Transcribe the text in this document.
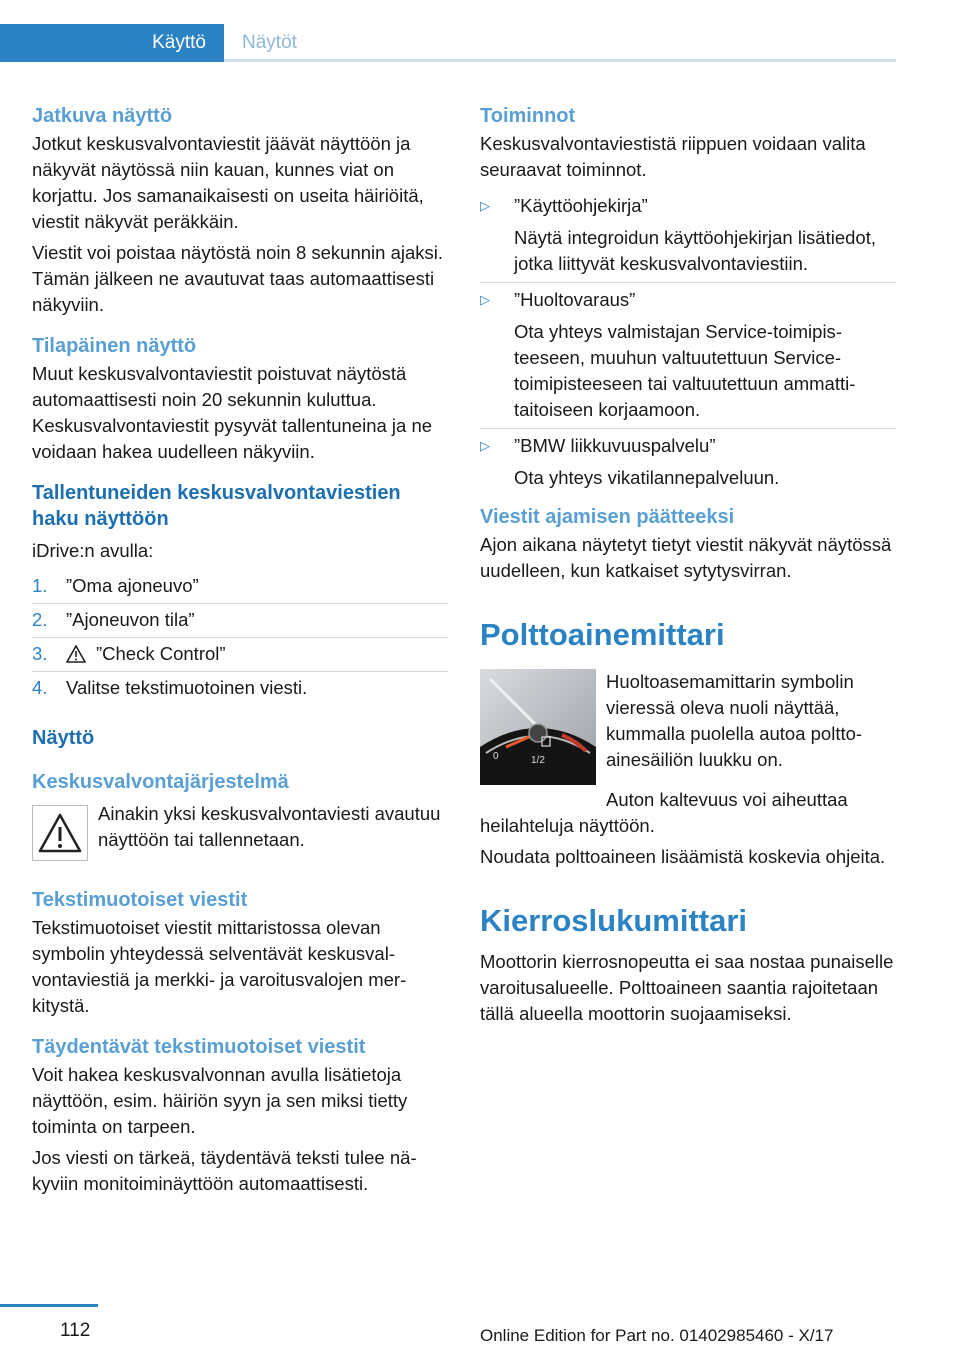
Käyttö	Näytöt
Jatkuva näyttö

Jotkut keskusvalvontaviestit jäävät näyttöön ja näkyvät näytössä niin kauan, kunnes viat on korjattu. Jos samanaikaisesti on useita häiriöitä, viestit näkyvät peräkkäin.

Viestit voi poistaa näytöstä noin 8 sekunnin ajaksi. Tämän jälkeen ne avautuvat taas automaattisesti näkyviin.

Tilapäinen näyttö

Muut keskusvalvontaviestit poistuvat näytöstä automaattisesti noin 20 sekunnin kuluttua. Keskusvalvontaviestit pysyvät tallentuneina ja ne voidaan hakea uudelleen näkyviin.

Tallentuneiden keskusvalvontaviestien haku näyttöön

iDrive:n avulla:

1.	”Oma ajoneuvo”
2.	”Ajoneuvon tila”
3.	”Check Control”
4.	Valitse tekstimuotoinen viesti.
Näyttö
Keskusvalvontajärjestelmä
Ainakin yksi keskusvalvontaviesti avautuu näyttöön tai tallennetaan.
Tekstimuotoiset viestit

Tekstimuotoiset viestit mittaristossa olevan symbolin yhteydessä selventävät keskusvalvontaviestiä ja merkki- ja varoitusvalojen merkitystä.

Täydentävät tekstimuotoiset viestit

Voit hakea keskusvalvonnan avulla lisätietoja näyttöön, esim. häiriön syyn ja sen miksi tietty toiminta on tarpeen.

Jos viesti on tärkeä, täydentävä teksti tulee näkyviin monitoiminäyttöön automaattisesti.

Toiminnot

Keskusvalvontaviestistä riippuen voidaan valita seuraavat toiminnot.

▷	”Käyttöohjekirja”
Näytä integroidun käyttöohjekirjan lisätiedot, jotka liittyvät keskusvalvontaviestiin.
▷	”Huoltovaraus”
Ota yhteys valmistajan Service-toimipisteeseen, muuhun valtuutettuun Service-toimipisteeseen tai valtuutettuun ammattitaitoiseen korjaamoon.
▷	”BMW liikkuvuuspalvelu”
Ota yhteys vikatilannepalveluun.
Viestit ajamisen päätteeksi

Ajon aikana näytetyt tietyt viestit näkyvät näytössä uudelleen, kun katkaiset sytytysvirran.

Polttoainemittari
0	1/2
Huoltoasemamittarin symbolin vieressä oleva nuoli näyttää, kummalla puolella autoa polttoainesäiliön luukku on.

Auton kaltevuus voi aiheuttaa heilahteluja näyttöön.

Noudata polttoaineen lisäämistä koskevia ohjeita.

Kierroslukumittari

Moottorin kierrosnopeutta ei saa nostaa punaiselle varoitusalueelle. Polttoaineen saantia rajoitetaan tällä alueella moottorin suojaamiseksi.

112	Online Edition for Part no. 01402985460 - X/17
